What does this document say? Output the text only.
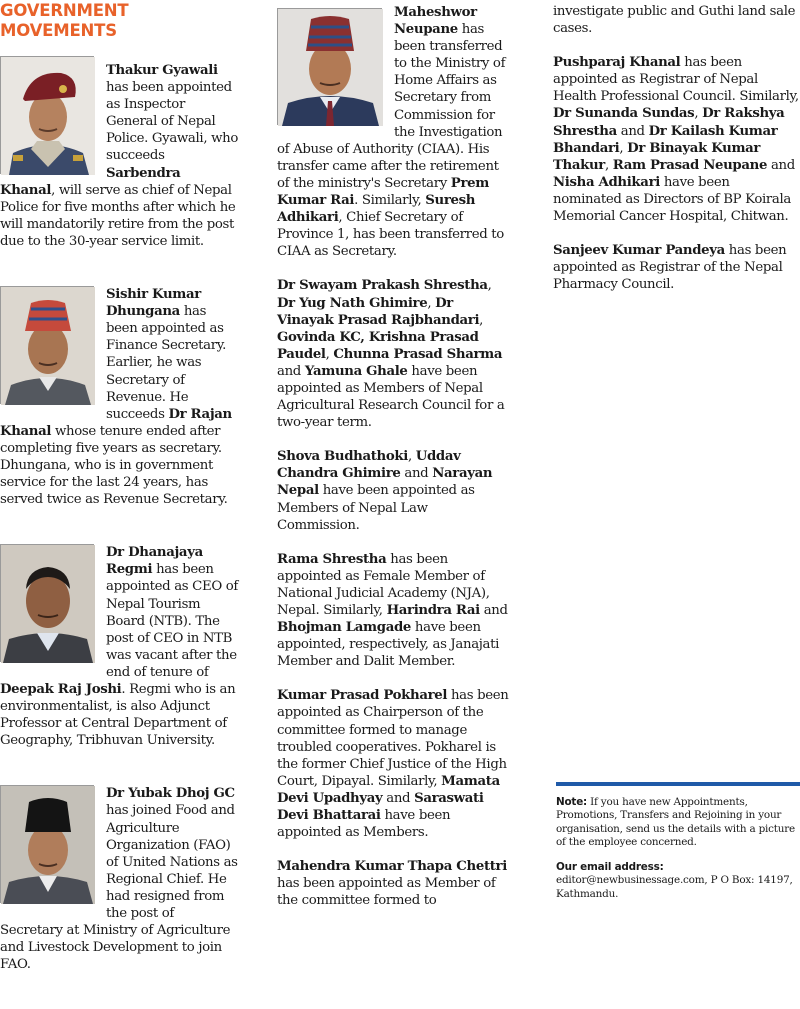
GOVERNMENT MOVEMENTS

Thakur Gyawali has been appointed as Inspector General of Nepal Police. Gyawali, who succeeds Sarbendra Khanal, will serve as chief of Nepal Police for five months after which he will mandatorily retire from the post due to the 30-year service limit.

Sishir Kumar Dhungana has been appointed as Finance Secretary. Earlier, he was Secretary of Revenue. He succeeds Dr Rajan Khanal whose tenure ended after completing five years as secretary. Dhungana, who is in government service for the last 24 years, has served twice as Revenue Secretary.

Dr Dhanajaya Regmi has been appointed as CEO of Nepal Tourism Board (NTB). The post of CEO in NTB was vacant after the end of tenure of Deepak Raj Joshi. Regmi who is an environmentalist, is also Adjunct Professor at Central Department of Geography, Tribhuvan University.

Dr Yubak Dhoj GC has joined Food and Agriculture Organization (FAO) of United Nations as Regional Chief. He had resigned from the post of Secretary at Ministry of Agriculture and Livestock Development to join FAO.

Maheshwor Neupane has been transferred to the Ministry of Home Affairs as Secretary from Commission for the Investigation of Abuse of Authority (CIAA). His transfer came after the retirement of the ministry's Secretary Prem Kumar Rai. Similarly, Suresh Adhikari, Chief Secretary of Province 1, has been transferred to CIAA as Secretary.

Dr Swayam Prakash Shrestha, Dr Yug Nath Ghimire, Dr Vinayak Prasad Rajbhandari, Govinda KC, Krishna Prasad Paudel, Chunna Prasad Sharma and Yamuna Ghale have been appointed as Members of Nepal Agricultural Research Council for a two-year term.

Shova Budhathoki, Uddav Chandra Ghimire and Narayan Nepal have been appointed as Members of Nepal Law Commission.

Rama Shrestha has been appointed as Female Member of National Judicial Academy (NJA), Nepal. Similarly, Harindra Rai and Bhojman Lamgade have been appointed, respectively, as Janajati Member and Dalit Member.

Kumar Prasad Pokharel has been appointed as Chairperson of the committee formed to manage troubled cooperatives. Pokharel is the former Chief Justice of the High Court, Dipayal. Similarly, Mamata Devi Upadhyay and Saraswati Devi Bhattarai have been appointed as Members.

Mahendra Kumar Thapa Chettri has been appointed as Member of the committee formed to

investigate public and Guthi land sale cases.

Pushparaj Khanal has been appointed as Registrar of Nepal Health Professional Council. Similarly, Dr Sunanda Sundas, Dr Rakshya Shrestha and Dr Kailash Kumar Bhandari, Dr Binayak Kumar Thakur, Ram Prasad Neupane and Nisha Adhikari have been nominated as Directors of BP Koirala Memorial Cancer Hospital, Chitwan.

Sanjeev Kumar Pandeya has been appointed as Registrar of the Nepal Pharmacy Council.

Note: If you have new Appointments, Promotions, Transfers and Rejoining in your organisation, send us the details with a picture of the employee concerned.

Our email address: editor@newbusinessage.com, P O Box: 14197, Kathmandu.
